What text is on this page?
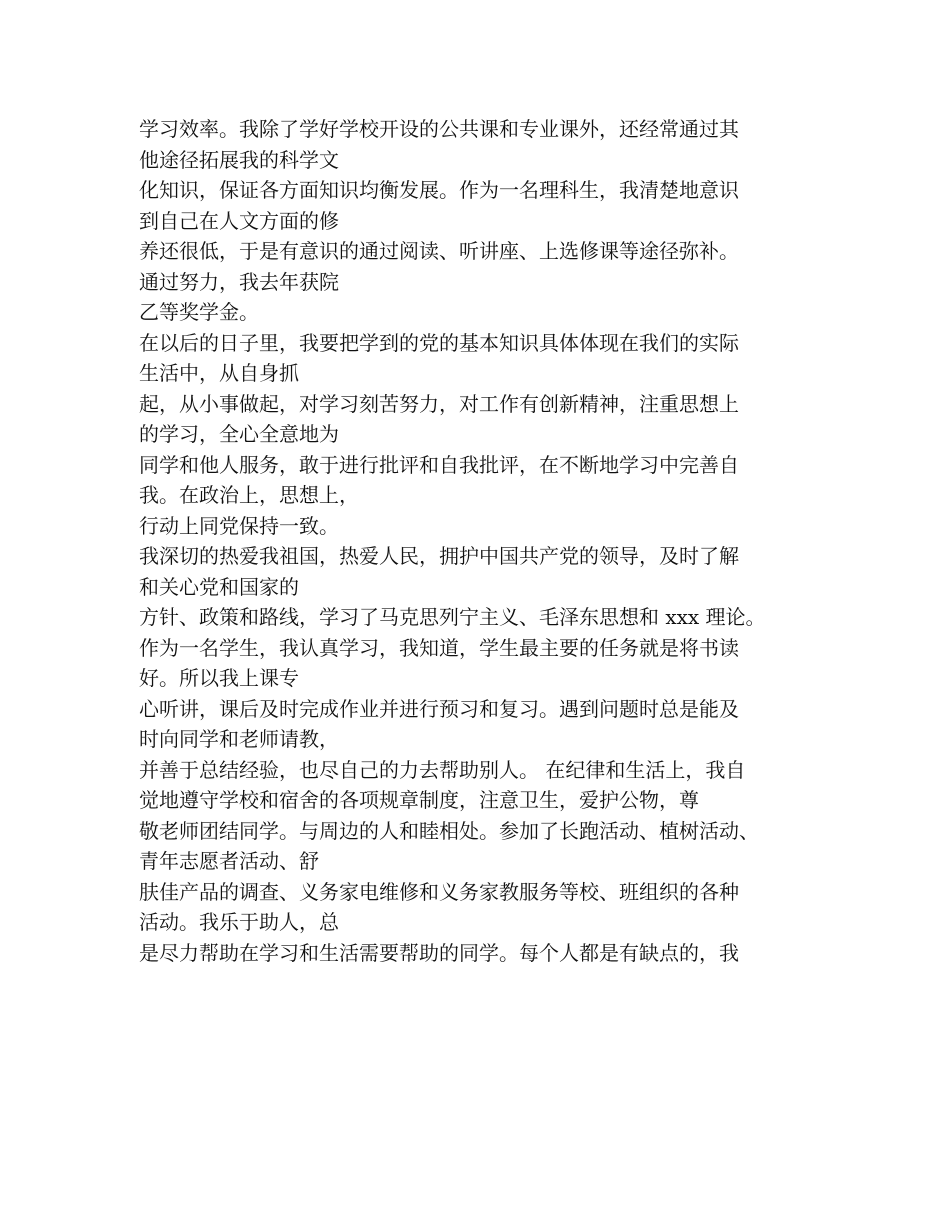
学习效率。我除了学好学校开设的公共课和专业课外，还经常通过其
他途径拓展我的科学文
化知识，保证各方面知识均衡发展。作为一名理科生，我清楚地意识
到自己在人文方面的修
养还很低，于是有意识的通过阅读、听讲座、上选修课等途径弥补。
通过努力，我去年获院
乙等奖学金。
在以后的日子里，我要把学到的党的基本知识具体体现在我们的实际
生活中，从自身抓
起，从小事做起，对学习刻苦努力，对工作有创新精神，注重思想上
的学习，全心全意地为
同学和他人服务，敢于进行批评和自我批评，在不断地学习中完善自
我。在政治上，思想上，
行动上同党保持一致。
我深切的热爱我祖国，热爱人民，拥护中国共产党的领导，及时了解
和关心党和国家的
方针、政策和路线，学习了马克思列宁主义、毛泽东思想和 xxx 理论。
作为一名学生，我认真学习，我知道，学生最主要的任务就是将书读
好。所以我上课专
心听讲，课后及时完成作业并进行预习和复习。遇到问题时总是能及
时向同学和老师请教，
并善于总结经验，也尽自己的力去帮助别人。 在纪律和生活上，我自
觉地遵守学校和宿舍的各项规章制度，注意卫生，爱护公物，尊
敬老师团结同学。与周边的人和睦相处。参加了长跑活动、植树活动、
青年志愿者活动、舒
肤佳产品的调查、义务家电维修和义务家教服务等校、班组织的各种
活动。我乐于助人，总
是尽力帮助在学习和生活需要帮助的同学。每个人都是有缺点的，我
